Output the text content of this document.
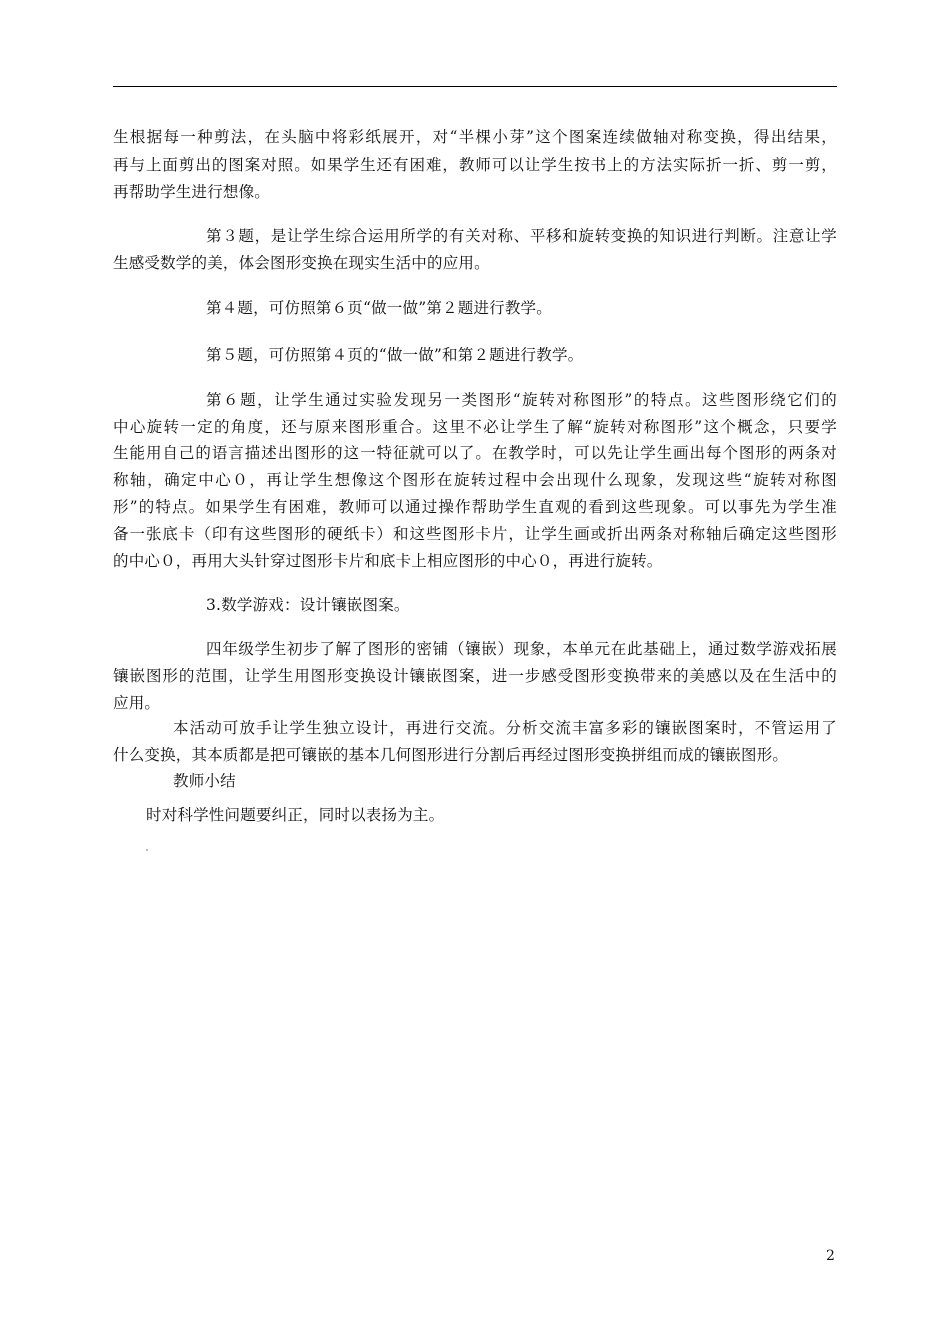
生根据每一种剪法，在头脑中将彩纸展开，对“半棵小芽”这个图案连续做轴对称变换，得出结果，
再与上面剪出的图案对照。如果学生还有困难，教师可以让学生按书上的方法实际折一折、剪一剪，
再帮助学生进行想像。
第３题，是让学生综合运用所学的有关对称、平移和旋转变换的知识进行判断。注意让学
生感受数学的美，体会图形变换在现实生活中的应用。
第４题，可仿照第６页“做一做”第２题进行教学。
第５题，可仿照第４页的“做一做”和第２题进行教学。
第６题，让学生通过实验发现另一类图形“旋转对称图形”的特点。这些图形绕它们的
中心旋转一定的角度，还与原来图形重合。这里不必让学生了解“旋转对称图形”这个概念，只要学
生能用自己的语言描述出图形的这一特征就可以了。在教学时，可以先让学生画出每个图形的两条对
称轴，确定中心０，再让学生想像这个图形在旋转过程中会出现什么现象，发现这些“旋转对称图
形”的特点。如果学生有困难，教师可以通过操作帮助学生直观的看到这些现象。可以事先为学生准
备一张底卡（印有这些图形的硬纸卡）和这些图形卡片，让学生画或折出两条对称轴后确定这些图形
的中心０，再用大头针穿过图形卡片和底卡上相应图形的中心０，再进行旋转。
3.数学游戏：设计镶嵌图案。
四年级学生初步了解了图形的密铺（镶嵌）现象，本单元在此基础上，通过数学游戏拓展
镶嵌图形的范围，让学生用图形变换设计镶嵌图案，进一步感受图形变换带来的美感以及在生活中的
应用。
本活动可放手让学生独立设计，再进行交流。分析交流丰富多彩的镶嵌图案时，不管运用了
什么变换，其本质都是把可镶嵌的基本几何图形进行分割后再经过图形变换拼组而成的镶嵌图形。
教师小结
时对科学性问题要纠正，同时以表扬为主。
2
